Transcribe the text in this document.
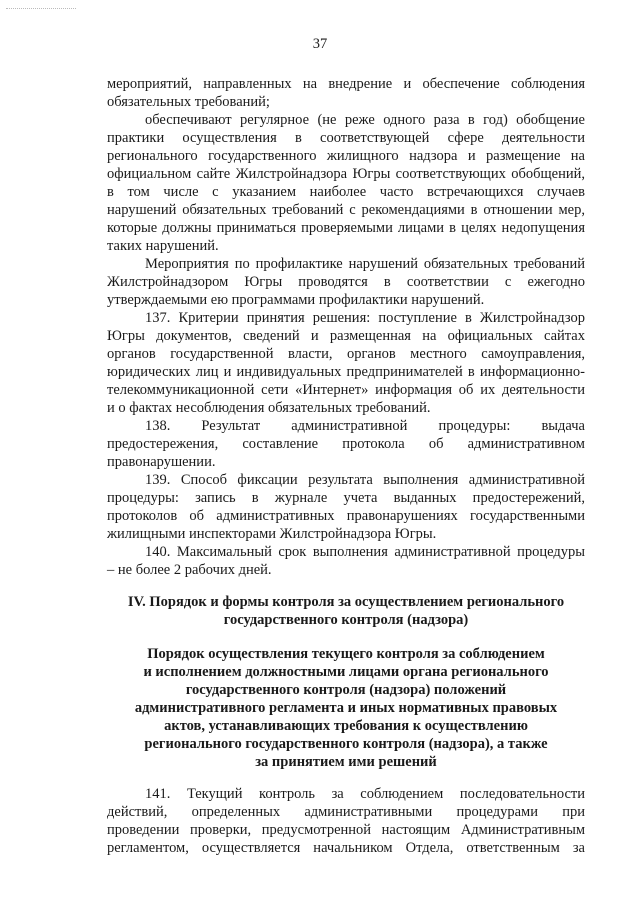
37
мероприятий, направленных на внедрение и обеспечение соблюдения
обязательных требований;
обеспечивают регулярное (не реже одного раза в год) обобщение
практики осуществления в соответствующей сфере деятельности
регионального государственного жилищного надзора и размещение на
официальном сайте Жилстройнадзора Югры соответствующих обобщений,
в том числе с указанием наиболее часто встречающихся случаев
нарушений обязательных требований с рекомендациями в отношении мер,
которые должны приниматься проверяемыми лицами в целях недопущения
таких нарушений.
Мероприятия по профилактике нарушений обязательных требований
Жилстройнадзором Югры проводятся в соответствии с ежегодно
утверждаемыми ею программами профилактики нарушений.
137. Критерии принятия решения: поступление в Жилстройнадзор
Югры документов, сведений и размещенная на официальных сайтах
органов государственной власти, органов местного самоуправления,
юридических лиц и индивидуальных предпринимателей в информационно-
телекоммуникационной сети «Интернет» информация об их деятельности
и о фактах несоблюдения обязательных требований.
138. Результат административной процедуры: выдача
предостережения, составление протокола об административном
правонарушении.
139. Способ фиксации результата выполнения административной
процедуры: запись в журнале учета выданных предостережений,
протоколов об административных правонарушениях государственными
жилищными инспекторами Жилстройнадзора Югры.
140. Максимальный срок выполнения административной процедуры
– не более 2 рабочих дней.
IV. Порядок и формы контроля за осуществлением регионального
государственного контроля (надзора)
Порядок осуществления текущего контроля за соблюдением
и исполнением должностными лицами органа регионального
государственного контроля (надзора) положений
административного регламента и иных нормативных правовых
актов, устанавливающих требования к осуществлению
регионального государственного контроля (надзора), а также
за принятием ими решений
141. Текущий контроль за соблюдением последовательности
действий, определенных административными процедурами при
проведении проверки, предусмотренной настоящим Административным
регламентом, осуществляется начальником Отдела, ответственным за
